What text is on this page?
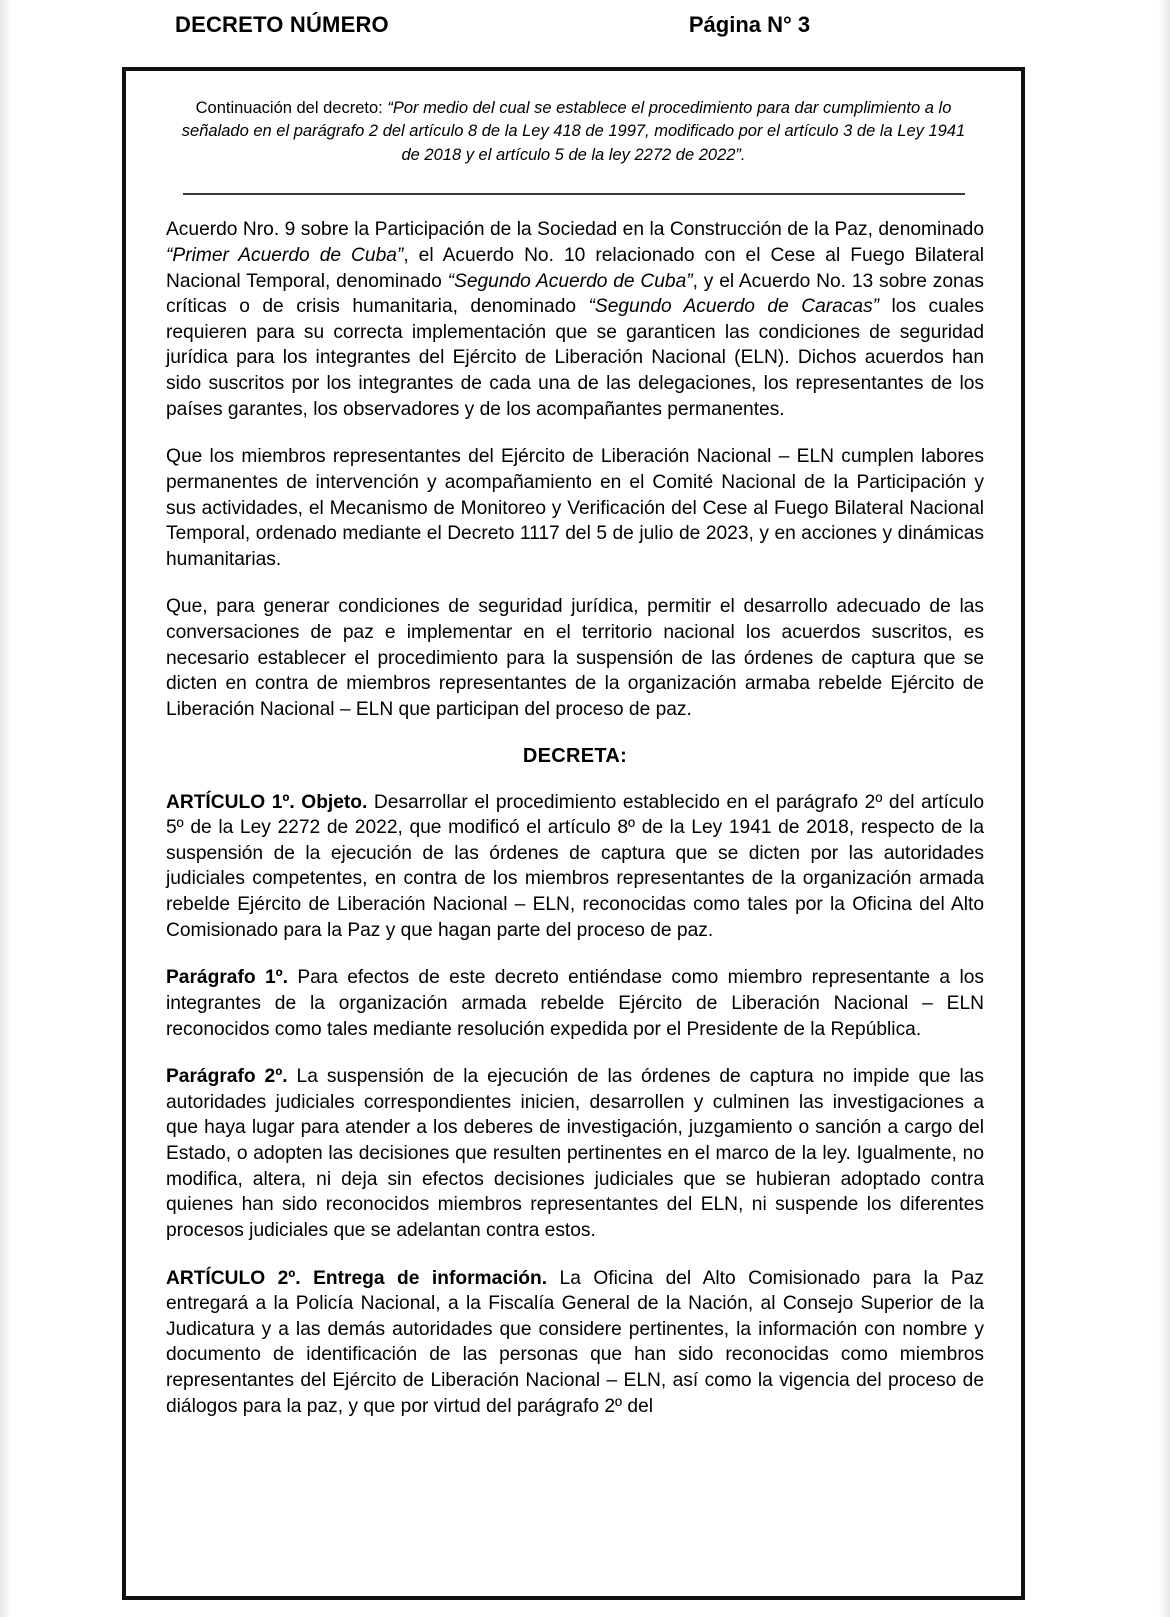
DECRETO NÚMERO	Página N° 3
Continuación del decreto: “Por medio del cual se establece el procedimiento para dar cumplimiento a lo señalado en el parágrafo 2 del artículo 8 de la Ley 418 de 1997, modificado por el artículo 3 de la Ley 1941 de 2018 y el artículo 5 de la ley 2272 de 2022”.

Acuerdo Nro. 9 sobre la Participación de la Sociedad en la Construcción de la Paz, denominado “Primer Acuerdo de Cuba”, el Acuerdo No. 10 relacionado con el Cese al Fuego Bilateral Nacional Temporal, denominado “Segundo Acuerdo de Cuba”, y el Acuerdo No. 13 sobre zonas críticas o de crisis humanitaria, denominado “Segundo Acuerdo de Caracas” los cuales requieren para su correcta implementación que se garanticen las condiciones de seguridad jurídica para los integrantes del Ejército de Liberación Nacional (ELN). Dichos acuerdos han sido suscritos por los integrantes de cada una de las delegaciones, los representantes de los países garantes, los observadores y de los acompañantes permanentes.

Que los miembros representantes del Ejército de Liberación Nacional – ELN cumplen labores permanentes de intervención y acompañamiento en el Comité Nacional de la Participación y sus actividades, el Mecanismo de Monitoreo y Verificación del Cese al Fuego Bilateral Nacional Temporal, ordenado mediante el Decreto 1117 del 5 de julio de 2023, y en acciones y dinámicas humanitarias.

Que, para generar condiciones de seguridad jurídica, permitir el desarrollo adecuado de las conversaciones de paz e implementar en el territorio nacional los acuerdos suscritos, es necesario establecer el procedimiento para la suspensión de las órdenes de captura que se dicten en contra de miembros representantes de la organización armaba rebelde Ejército de Liberación Nacional – ELN que participan del proceso de paz.

DECRETA:

ARTÍCULO 1º. Objeto. Desarrollar el procedimiento establecido en el parágrafo 2º del artículo 5º de la Ley 2272 de 2022, que modificó el artículo 8º de la Ley 1941 de 2018, respecto de la suspensión de la ejecución de las órdenes de captura que se dicten por las autoridades judiciales competentes, en contra de los miembros representantes de la organización armada rebelde Ejército de Liberación Nacional – ELN, reconocidas como tales por la Oficina del Alto Comisionado para la Paz y que hagan parte del proceso de paz.

Parágrafo 1º. Para efectos de este decreto entiéndase como miembro representante a los integrantes de la organización armada rebelde Ejército de Liberación Nacional – ELN reconocidos como tales mediante resolución expedida por el Presidente de la República.

Parágrafo 2º. La suspensión de la ejecución de las órdenes de captura no impide que las autoridades judiciales correspondientes inicien, desarrollen y culminen las investigaciones a que haya lugar para atender a los deberes de investigación, juzgamiento o sanción a cargo del Estado, o adopten las decisiones que resulten pertinentes en el marco de la ley. Igualmente, no modifica, altera, ni deja sin efectos decisiones judiciales que se hubieran adoptado contra quienes han sido reconocidos miembros representantes del ELN, ni suspende los diferentes procesos judiciales que se adelantan contra estos.

ARTÍCULO 2º. Entrega de información. La Oficina del Alto Comisionado para la Paz entregará a la Policía Nacional, a la Fiscalía General de la Nación, al Consejo Superior de la Judicatura y a las demás autoridades que considere pertinentes, la información con nombre y documento de identificación de las personas que han sido reconocidas como miembros representantes del Ejército de Liberación Nacional – ELN, así como la vigencia del proceso de diálogos para la paz, y que por virtud del parágrafo 2º del
